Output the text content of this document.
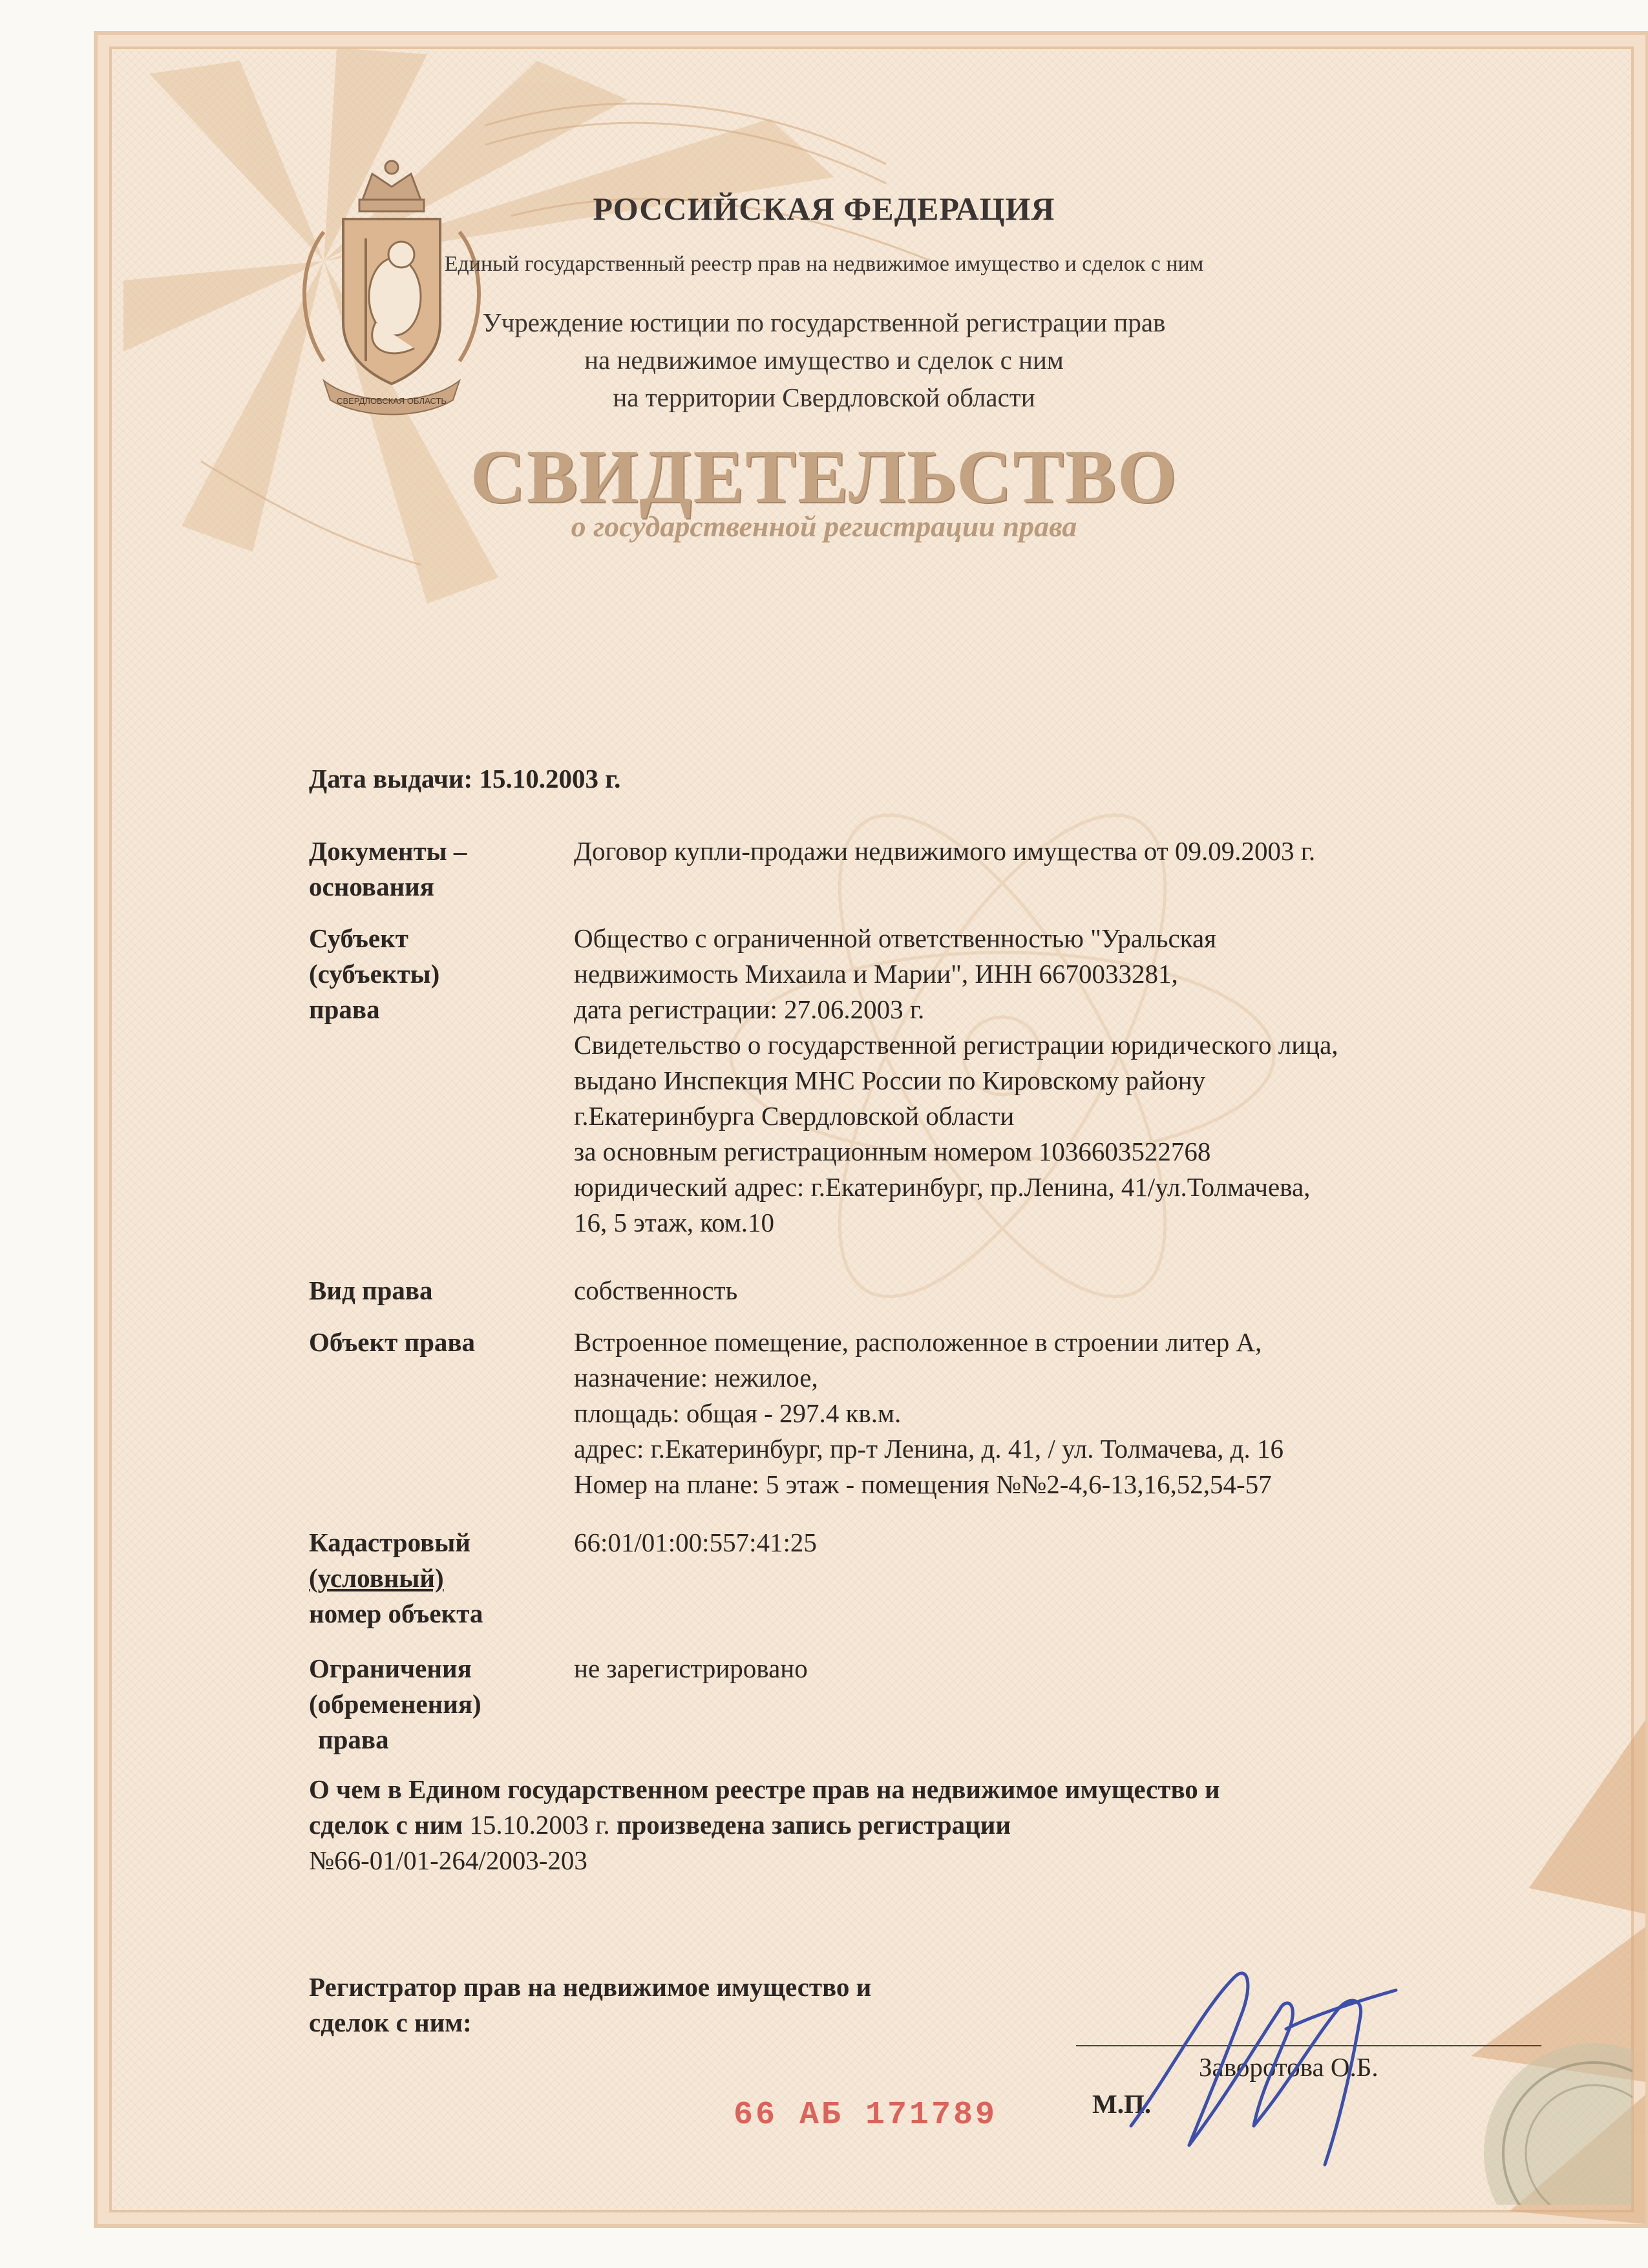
СВЕРДЛОВСКАЯ ОБЛАСТЬ
РОССИЙСКАЯ ФЕДЕРАЦИЯ
Единый государственный реестр прав на недвижимое имущество и сделок с ним
Учреждение юстиции по государственной регистрации прав
на недвижимое имущество и сделок с ним
на территории Свердловской области
СВИДЕТЕЛЬСТВО
о государственной регистрации права
Дата выдачи: 15.10.2003 г.
Документы –
основания
Договор купли-продажи недвижимого имущества от 09.09.2003 г.
Субъект
(субъекты)
права
Общество с ограниченной ответственностью "Уральская
недвижимость Михаила и Марии", ИНН 6670033281,
дата регистрации: 27.06.2003 г.
Свидетельство о государственной регистрации юридического лица,
выдано Инспекция МНС России по Кировскому району
г.Екатеринбурга Свердловской области
за основным регистрационным номером 1036603522768
юридический адрес: г.Екатеринбург, пр.Ленина, 41/ул.Толмачева,
16, 5 этаж, ком.10
Вид права	собственность
Объект права	Встроенное помещение, расположенное в строении литер А,
назначение: нежилое,
площадь: общая - 297.4 кв.м.
адрес: г.Екатеринбург, пр-т Ленина, д. 41, / ул. Толмачева, д. 16
Номер на плане: 5 этаж - помещения №№2-4,6-13,16,52,54-57
Кадастровый
(условный)
номер объекта
66:01/01:00:557:41:25
Ограничения
(обременения)
права
не зарегистрировано
О чем в Едином государственном реестре прав на недвижимое имущество и
сделок с ним 15.10.2003 г. произведена запись регистрации
№66-01/01-264/2003-203
Регистратор прав на недвижимое имущество и
сделок с ним:
Заворотова О.Б.
М.П.
66 АБ 171789
